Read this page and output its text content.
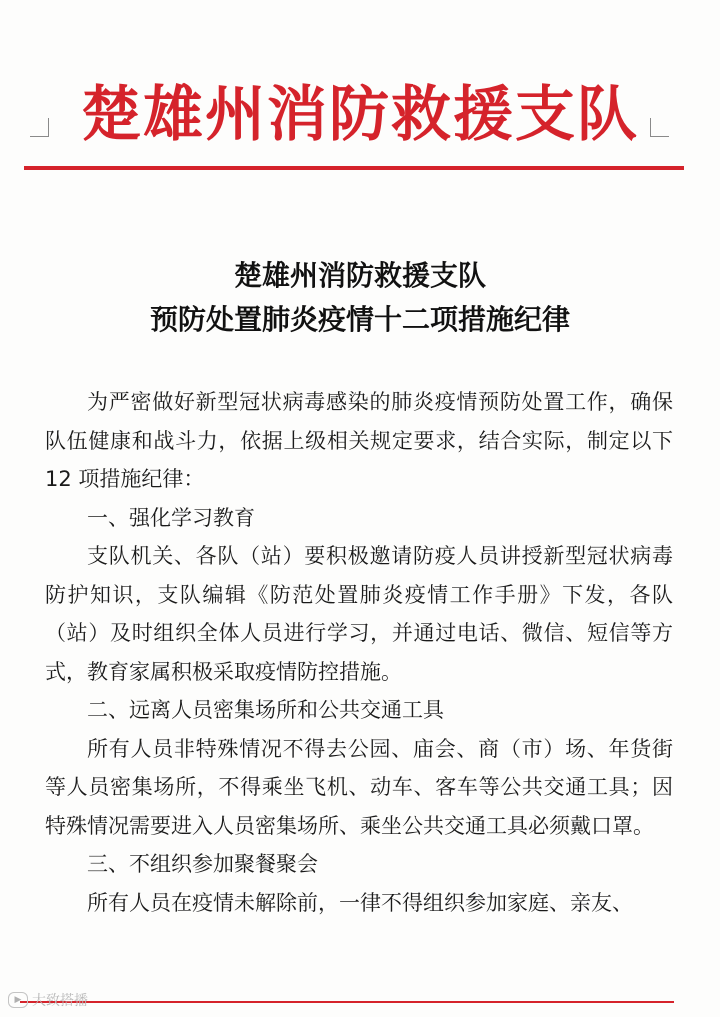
楚雄州消防救援支队
楚雄州消防救援支队
预防处置肺炎疫情十二项措施纪律

为严密做好新型冠状病毒感染的肺炎疫情预防处置工作，确保队伍健康和战斗力，依据上级相关规定要求，结合实际，制定以下 12 项措施纪律：

一、强化学习教育

支队机关、各队（站）要积极邀请防疫人员讲授新型冠状病毒防护知识，支队编辑《防范处置肺炎疫情工作手册》下发，各队（站）及时组织全体人员进行学习，并通过电话、微信、短信等方式，教育家属积极采取疫情防控措施。

二、远离人员密集场所和公共交通工具

所有人员非特殊情况不得去公园、庙会、商（市）场、年货街等人员密集场所，不得乘坐飞机、动车、客车等公共交通工具；因特殊情况需要进入人员密集场所、乘坐公共交通工具必须戴口罩。

三、不组织参加聚餐聚会

所有人员在疫情未解除前，一律不得组织参加家庭、亲友、

▶ 大致搭播
